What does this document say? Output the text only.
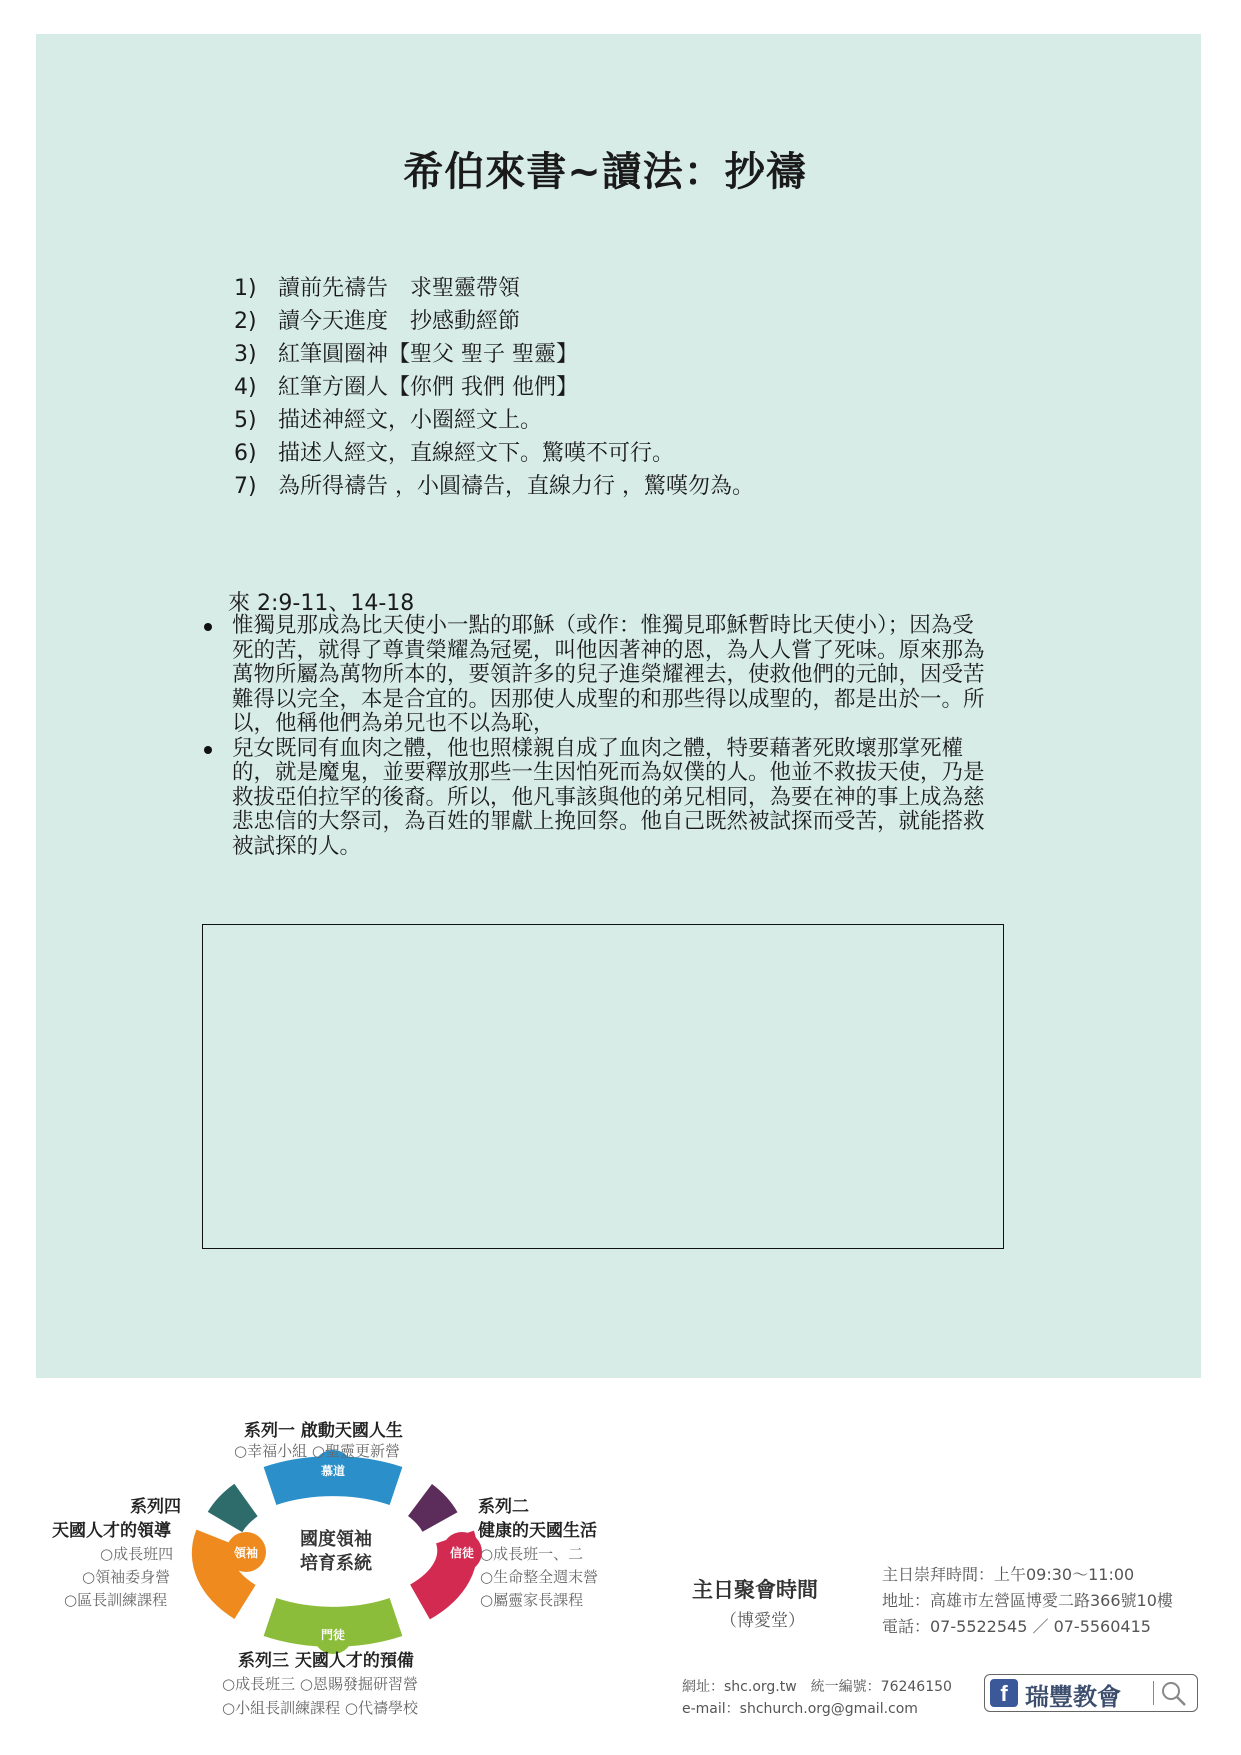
希伯來書~讀法：抄禱
1) 讀前先禱告　求聖靈帶領
2) 讀今天進度　抄感動經節
3) 紅筆圓圈神【聖父 聖子 聖靈】
4) 紅筆方圈人【你們 我們 他們】
5) 描述神經文，小圈經文上。
6) 描述人經文，直線經文下。驚嘆不可行。
7) 為所得禱告 ，小圓禱告，直線力行 ，驚嘆勿為。
來 2:9-11、14-18
惟獨見那成為比天使小一點的耶穌（或作：惟獨見耶穌暫時比天使小）；因為受死的苦，就得了尊貴榮耀為冠冕，叫他因著神的恩，為人人嘗了死味。原來那為萬物所屬為萬物所本的，要領許多的兒子進榮耀裡去，使救他們的元帥，因受苦難得以完全，本是合宜的。因那使人成聖的和那些得以成聖的，都是出於一。所以，他稱他們為弟兄也不以為恥，
兒女既同有血肉之體，他也照樣親自成了血肉之體，特要藉著死敗壞那掌死權的，就是魔鬼，並要釋放那些一生因怕死而為奴僕的人。他並不救拔天使，乃是救拔亞伯拉罕的後裔。所以，他凡事該與他的弟兄相同，為要在神的事上成為慈悲忠信的大祭司，為百姓的罪獻上挽回祭。他自己既然被試探而受苦，就能搭救被試探的人。
慕道
信徒
門徒
領袖
國度領袖
培育系統
系列一 啟動天國人生
○幸福小組 ○聖靈更新營
系列二
健康的天國生活
○成長班一、二
○生命整全週末營
○屬靈家長課程
系列三 天國人才的預備
○成長班三 ○恩賜發掘研習營
○小組長訓練課程 ○代禱學校
系列四
天國人才的領導
○成長班四
○領袖委身營
○區長訓練課程	主日聚會時間
（博愛堂）
主日崇拜時間：上午09:30～11:00
地址：高雄市左營區博愛二路366號10樓
電話：07-5522545 ／ 07-5560415
網址：shc.org.tw　統一編號：76246150
e-mail：shchurch.org@gmail.com
f 瑞豐教會
